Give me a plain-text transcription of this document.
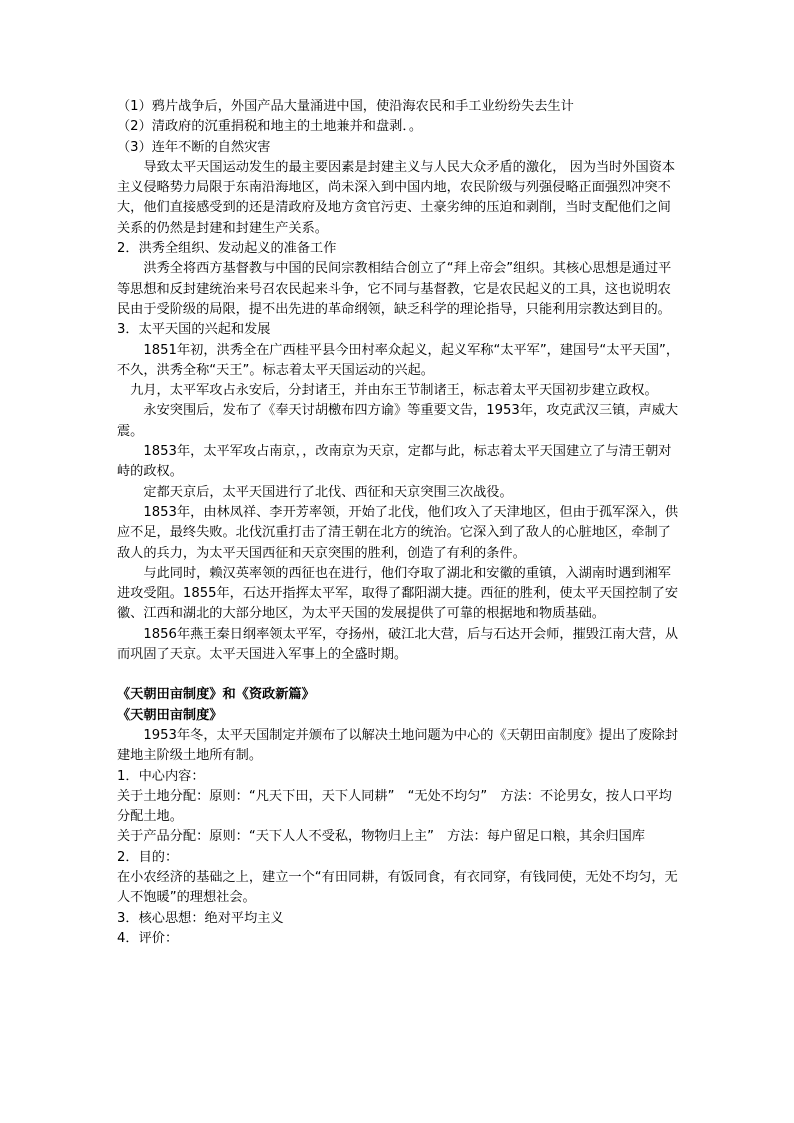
（1）鸦片战争后，外国产品大量涌进中国，使沿海农民和手工业纷纷失去生计

（2）清政府的沉重捐税和地主的土地兼并和盘剥．。

（3）连年不断的自然灾害

导致太平天国运动发生的最主要因素是封建主义与人民大众矛盾的激化， 因为当时外国资本主义侵略势力局限于东南沿海地区，尚未深入到中国内地，农民阶级与列强侵略正面强烈冲突不大，他们直接感受到的还是清政府及地方贪官污吏、土豪劣绅的压迫和剥削，当时支配他们之间关系的仍然是封建和封建生产关系。

2．洪秀全组织、发动起义的准备工作

洪秀全将西方基督教与中国的民间宗教相结合创立了“拜上帝会”组织。其核心思想是通过平等思想和反封建统治来号召农民起来斗争，它不同与基督教，它是农民起义的工具，这也说明农民由于受阶级的局限，提不出先进的革命纲领，缺乏科学的理论指导，只能利用宗教达到目的。

3．太平天国的兴起和发展

1851年初，洪秀全在广西桂平县今田村率众起义，起义军称“太平军”，建国号“太平天国”，不久，洪秀全称“天王”。标志着太平天国运动的兴起。

九月，太平军攻占永安后，分封诸王，并由东王节制诸王，标志着太平天国初步建立政权。

永安突围后，发布了《奉天讨胡檄布四方谕》等重要文告，1953年，攻克武汉三镇，声威大震。

1853年，太平军攻占南京，，改南京为天京，定都与此，标志着太平天国建立了与清王朝对峙的政权。

定都天京后，太平天国进行了北伐、西征和天京突围三次战役。

1853年，由林凤祥、李开芳率领，开始了北伐，他们攻入了天津地区，但由于孤军深入，供应不足，最终失败。北伐沉重打击了清王朝在北方的统治。它深入到了敌人的心脏地区，牵制了敌人的兵力，为太平天国西征和天京突围的胜利，创造了有利的条件。

与此同时，赖汉英率领的西征也在进行，他们夺取了湖北和安徽的重镇，入湖南时遇到湘军进攻受阻。1855年，石达开指挥太平军，取得了鄱阳湖大捷。西征的胜利，使太平天国控制了安徽、江西和湖北的大部分地区，为太平天国的发展提供了可靠的根据地和物质基础。

1856年燕王秦日纲率领太平军，夺扬州，破江北大营，后与石达开会师，摧毁江南大营，从而巩固了天京。太平天国进入军事上的全盛时期。

《天朝田亩制度》和《资政新篇》

《天朝田亩制度》

1953年冬，太平天国制定并颁布了以解决土地问题为中心的《天朝田亩制度》提出了废除封建地主阶级土地所有制。

1．中心内容：

关于土地分配：原则：“凡天下田，天下人同耕”　“无处不均匀”　方法：不论男女，按人口平均分配土地。

关于产品分配：原则：“天下人人不受私，物物归上主”　方法：每户留足口粮，其余归国库

2．目的：

在小农经济的基础之上，建立一个“有田同耕，有饭同食，有衣同穿，有钱同使，无处不均匀，无人不饱暖”的理想社会。

3．核心思想：绝对平均主义

4．评价：
